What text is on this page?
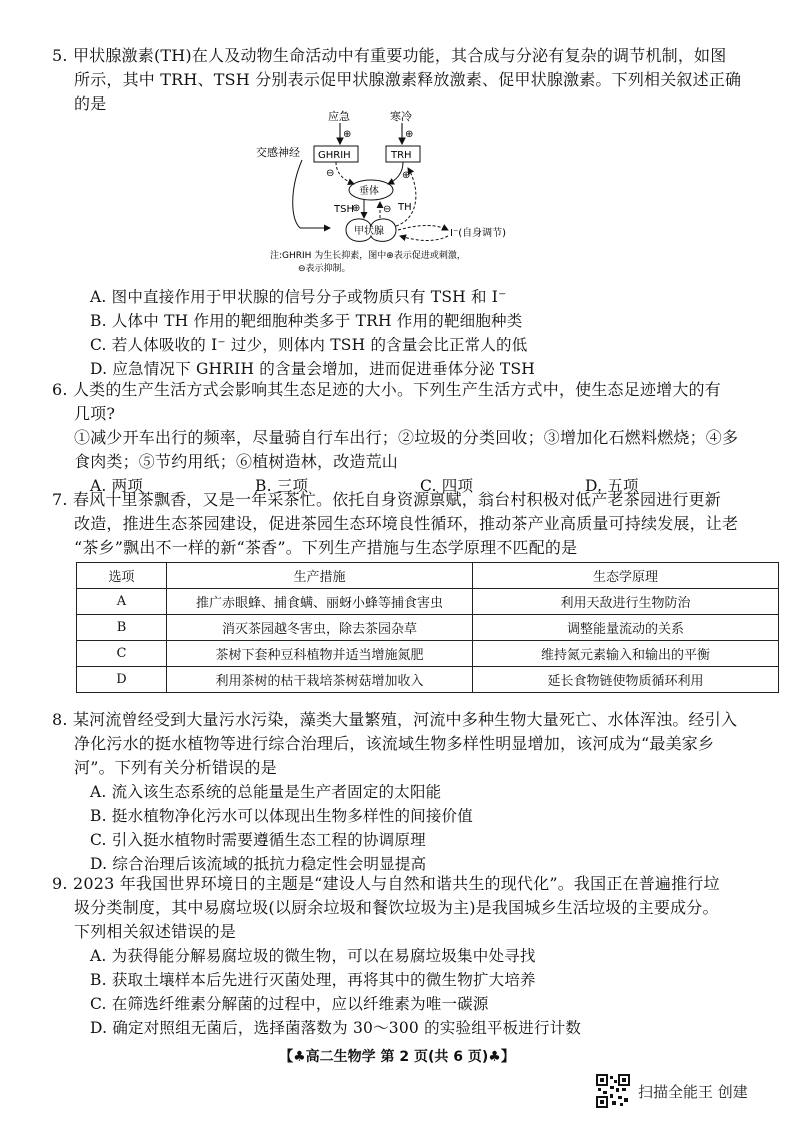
5. 甲状腺激素(TH)在人及动物生命活动中有重要功能，其合成与分泌有复杂的调节机制，如图

所示，其中 TRH、TSH 分别表示促甲状腺激素释放激素、促甲状腺激素。下列相关叙述正确

的是

应急	寒冷
⊕	⊕
GHRIH	TRH
交感神经
⊖	⊕
垂体
TSH
⊕ ⊖ TH
甲状腺	I⁻(自身调节)
注:GHRIH 为生长抑素，图中⊕表示促进或刺激，
⊖表示抑制。

A. 图中直接作用于甲状腺的信号分子或物质只有 TSH 和 I⁻

B. 人体中 TH 作用的靶细胞种类多于 TRH 作用的靶细胞种类

C. 若人体吸收的 I⁻ 过少，则体内 TSH 的含量会比正常人的低

D. 应急情况下 GHRIH 的含量会增加，进而促进垂体分泌 TSH

6. 人类的生产生活方式会影响其生态足迹的大小。下列生产生活方式中，使生态足迹增大的有

几项?

①减少开车出行的频率，尽量骑自行车出行；②垃圾的分类回收；③增加化石燃料燃烧；④多

食肉类；⑤节约用纸；⑥植树造林，改造荒山

A. 两项	B. 三项	C. 四项	D. 五项

7. 春风十里茶飘香，又是一年采茶忙。依托自身资源禀赋，翁台村积极对低产老茶园进行更新

改造，推进生态茶园建设，促进茶园生态环境良性循环，推动茶产业高质量可持续发展，让老

“茶乡”飘出不一样的新“茶香”。下列生产措施与生态学原理不匹配的是

选项	生产措施	生态学原理
A	推广赤眼蜂、捕食螨、丽蚜小蜂等捕食害虫	利用天敌进行生物防治
B	消灭茶园越冬害虫，除去茶园杂草	调整能量流动的关系
C	茶树下套种豆科植物并适当增施氮肥	维持氮元素输入和输出的平衡
D	利用茶树的枯干栽培茶树菇增加收入	延长食物链使物质循环利用

8. 某河流曾经受到大量污水污染，藻类大量繁殖，河流中多种生物大量死亡、水体浑浊。经引入

净化污水的挺水植物等进行综合治理后，该流域生物多样性明显增加，该河成为“最美家乡

河”。下列有关分析错误的是

A. 流入该生态系统的总能量是生产者固定的太阳能

B. 挺水植物净化污水可以体现出生物多样性的间接价值

C. 引入挺水植物时需要遵循生态工程的协调原理

D. 综合治理后该流域的抵抗力稳定性会明显提高

9. 2023 年我国世界环境日的主题是“建设人与自然和谐共生的现代化”。我国正在普遍推行垃

圾分类制度，其中易腐垃圾(以厨余垃圾和餐饮垃圾为主)是我国城乡生活垃圾的主要成分。

下列相关叙述错误的是

A. 为获得能分解易腐垃圾的微生物，可以在易腐垃圾集中处寻找

B. 获取土壤样本后先进行灭菌处理，再将其中的微生物扩大培养

C. 在筛选纤维素分解菌的过程中，应以纤维素为唯一碳源

D. 确定对照组无菌后，选择菌落数为 30～300 的实验组平板进行计数

【♣高二生物学 第 2 页(共 6 页)♣】
扫描全能王 创建
